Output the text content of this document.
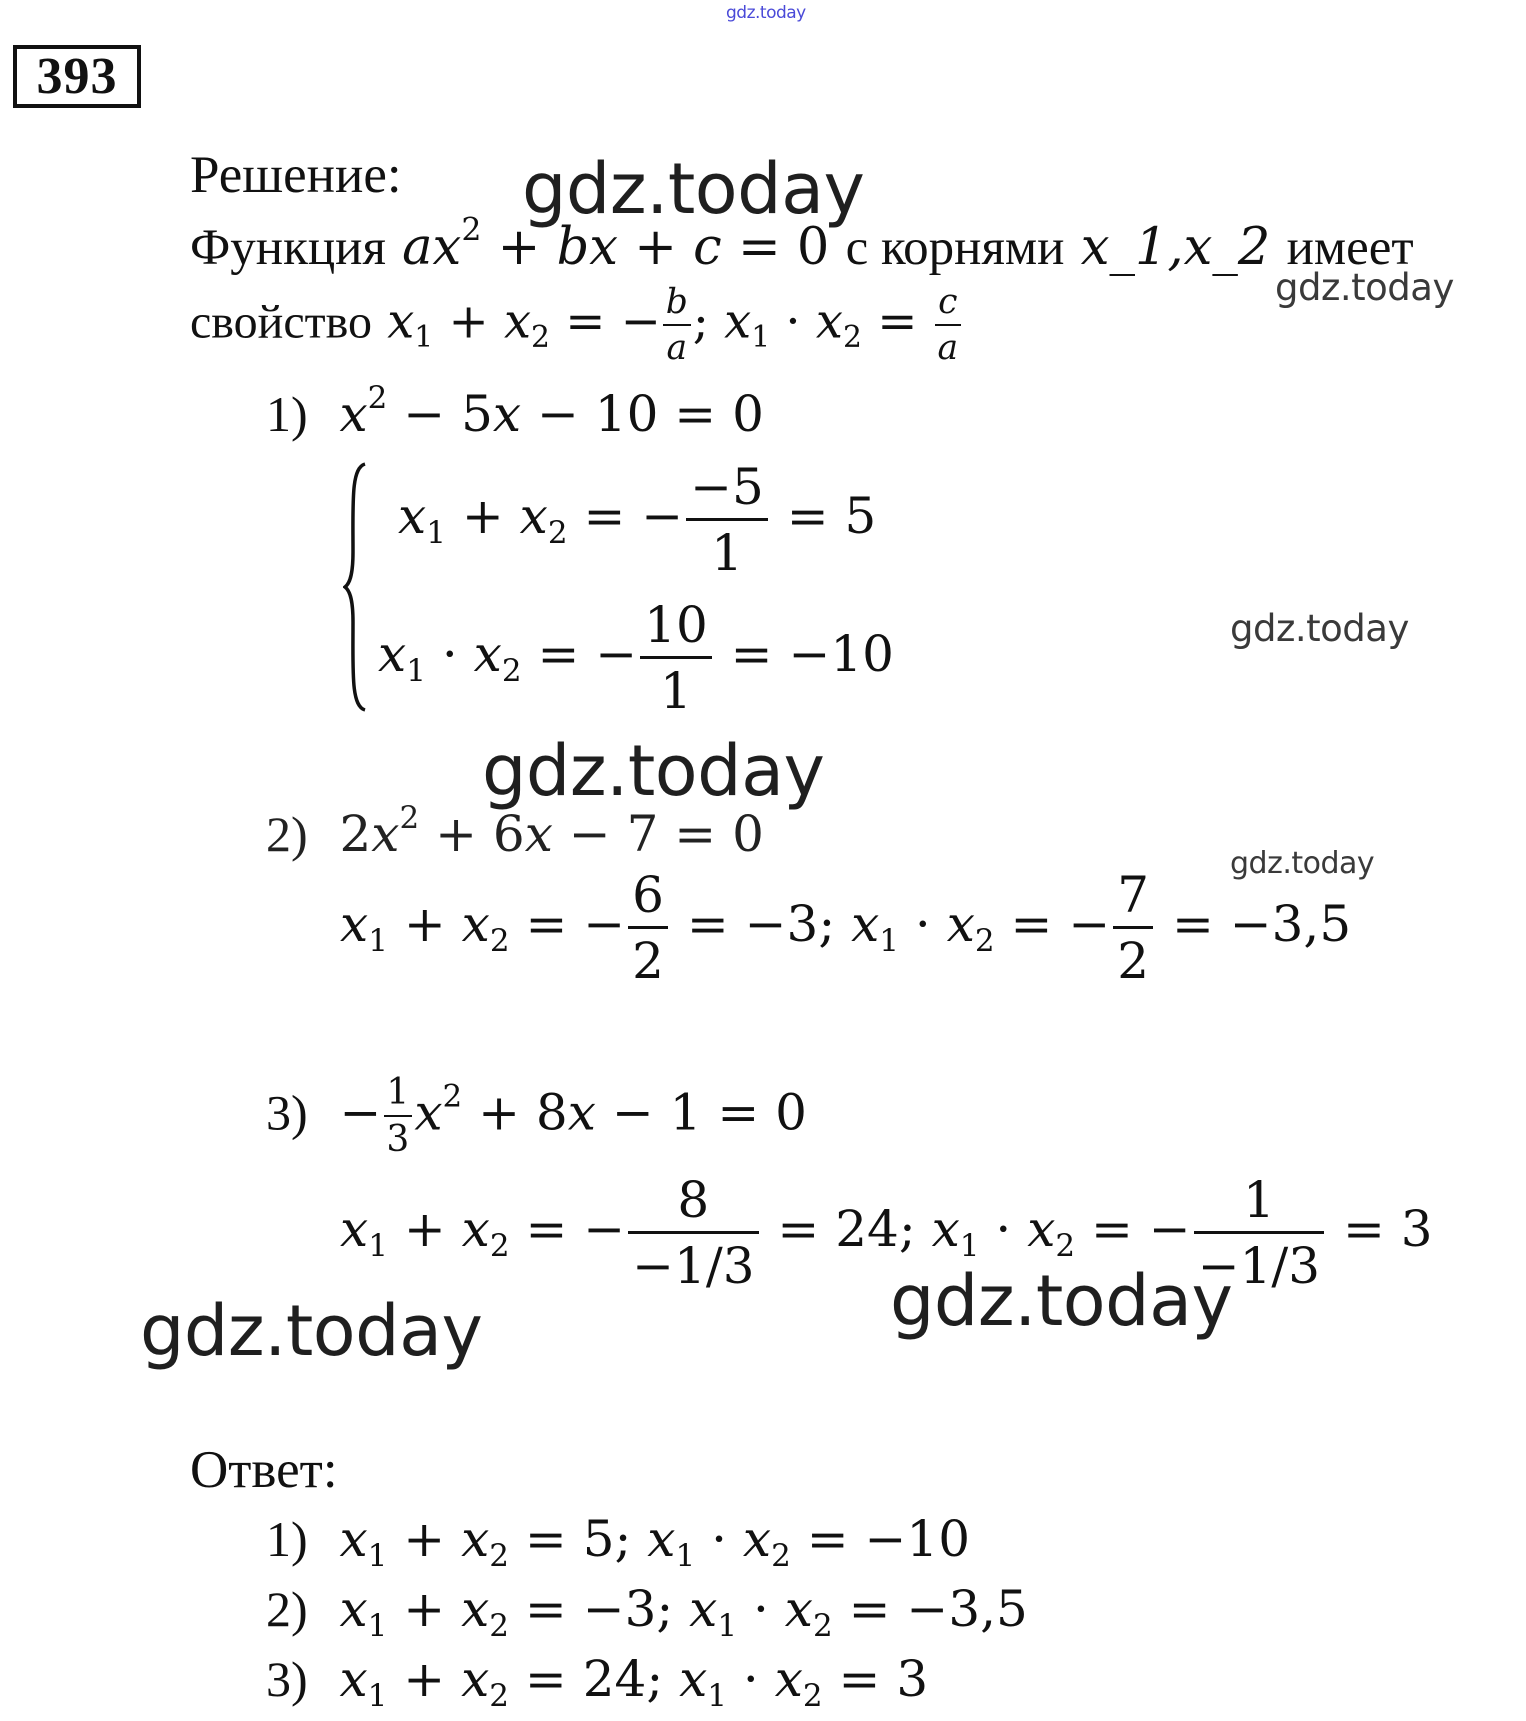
gdz.today
393
Решение:
Функция $ax^2$ + bx + c = 0 с корнями x_1,x_2 имеет
свойство $x_1 + x_2$ = − $\frac{b}{a}$ ; $x_1 \cdot x_2 = \frac{c}{a}$
1) $x^2 - 5x - 10 = 0$
$x_1 + x_2$ = − $\frac{-5}{1} = 5$
$x_1 \cdot x_2$ = − $\frac{10}{1} = -10$
2)  $2x^2 + 6x - 7 = 0$
$x_1 + x_2$ = − $\frac{6}{2} = -3$; $x_1 \cdot x_2$ = − $\frac{7}{2} = -3,5$
$3) - \frac{1}{3} x^2 + 8x - 1 = 0$
$x_1 + x_2$ = − $\frac{8}{-1/3} = 24$; $x_1 \cdot x_2$ = − $\frac{1}{-1/3} = 3$
Ответ:
1) $x_1 + x_2 = 5$; $x_1 \cdot x_2 = -10$
2) $x_1 + x_2 = -3$; $x_1 \cdot x_2 = -3,5$
3) $x_1 + x_2 = 24$; $x_1 \cdot x_2 = 3$
gdz.today
gdz.today
gdz.today
gdz.today
gdz.today
gdz.today
gdz.today
